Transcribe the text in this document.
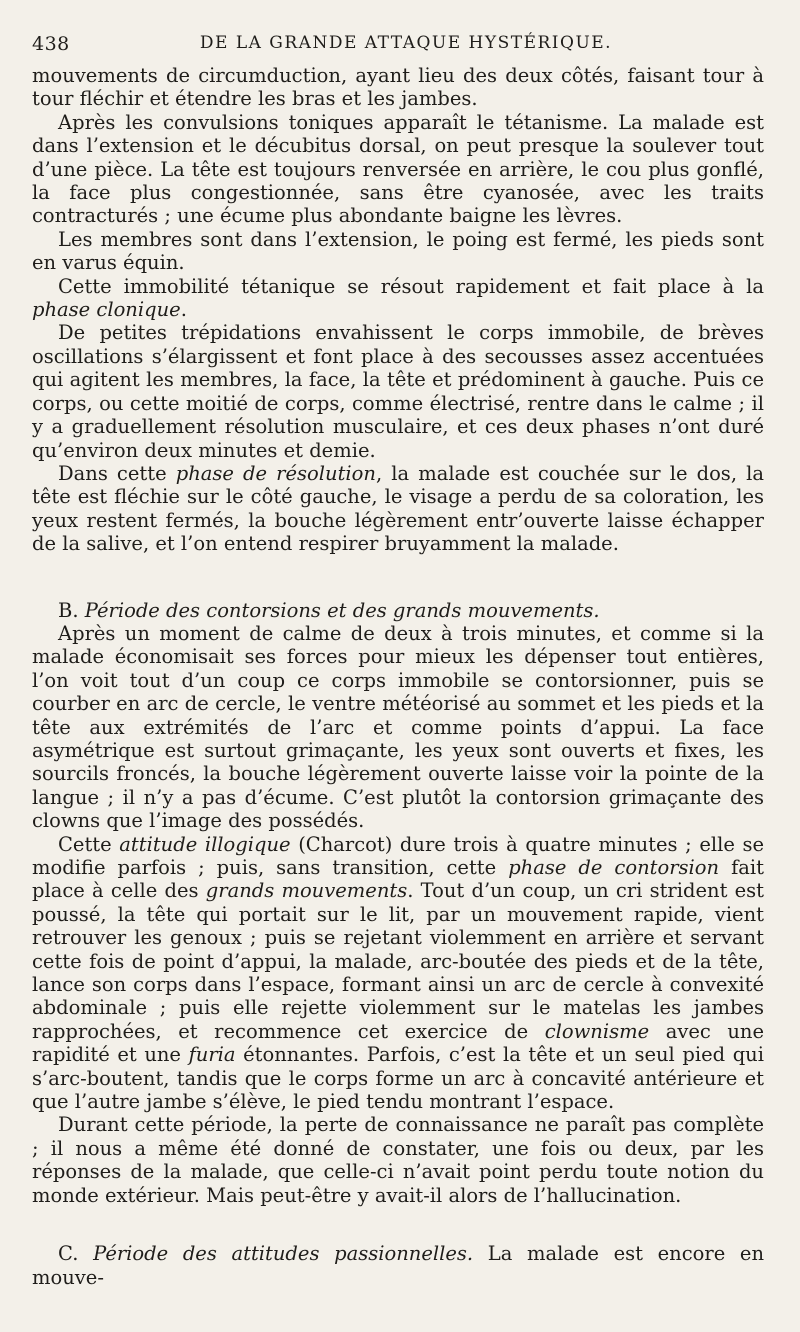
438	DE LA GRANDE ATTAQUE HYSTÉRIQUE.

mouvements de circumduction, ayant lieu des deux côtés, faisant tour à tour fléchir et étendre les bras et les jambes.

Après les convulsions toniques apparaît le tétanisme. La malade est dans l’extension et le décubitus dorsal, on peut presque la soulever tout d’une pièce. La tête est toujours renversée en arrière, le cou plus gonflé, la face plus congestionnée, sans être cyanosée, avec les traits contracturés ; une écume plus abondante baigne les lèvres.

Les membres sont dans l’extension, le poing est fermé, les pieds sont en varus équin.

Cette immobilité tétanique se résout rapidement et fait place à la phase clonique.

De petites trépidations envahissent le corps immobile, de brèves oscillations s’élargissent et font place à des secousses assez accentuées qui agitent les membres, la face, la tête et prédominent à gauche. Puis ce corps, ou cette moitié de corps, comme électrisé, rentre dans le calme ; il y a graduellement résolution musculaire, et ces deux phases n’ont duré qu’environ deux minutes et demie.

Dans cette phase de résolution, la malade est couchée sur le dos, la tête est fléchie sur le côté gauche, le visage a perdu de sa coloration, les yeux restent fermés, la bouche légèrement entr’ouverte laisse échapper de la salive, et l’on entend respirer bruyamment la malade.

B. Période des contorsions et des grands mouvements.

Après un moment de calme de deux à trois minutes, et comme si la malade économisait ses forces pour mieux les dépenser tout entières, l’on voit tout d’un coup ce corps immobile se contorsionner, puis se courber en arc de cercle, le ventre météorisé au sommet et les pieds et la tête aux extrémités de l’arc et comme points d’appui. La face asymétrique est surtout grimaçante, les yeux sont ouverts et fixes, les sourcils froncés, la bouche légèrement ouverte laisse voir la pointe de la langue ; il n’y a pas d’écume. C’est plutôt la contorsion grimaçante des clowns que l’image des possédés.

Cette attitude illogique (Charcot) dure trois à quatre minutes ; elle se modifie parfois ; puis, sans transition, cette phase de contorsion fait place à celle des grands mouvements. Tout d’un coup, un cri strident est poussé, la tête qui portait sur le lit, par un mouvement rapide, vient retrouver les genoux ; puis se rejetant violemment en arrière et servant cette fois de point d’appui, la malade, arc-boutée des pieds et de la tête, lance son corps dans l’espace, formant ainsi un arc de cercle à convexité abdominale ; puis elle rejette violemment sur le matelas les jambes rapprochées, et recommence cet exercice de clownisme avec une rapidité et une furia étonnantes. Parfois, c’est la tête et un seul pied qui s’arc-boutent, tandis que le corps forme un arc à concavité antérieure et que l’autre jambe s’élève, le pied tendu montrant l’espace.

Durant cette période, la perte de connaissance ne paraît pas complète ; il nous a même été donné de constater, une fois ou deux, par les réponses de la malade, que celle-ci n’avait point perdu toute notion du monde extérieur. Mais peut-être y avait-il alors de l’hallucination.

C. Période des attitudes passionnelles. La malade est encore en mouve-
